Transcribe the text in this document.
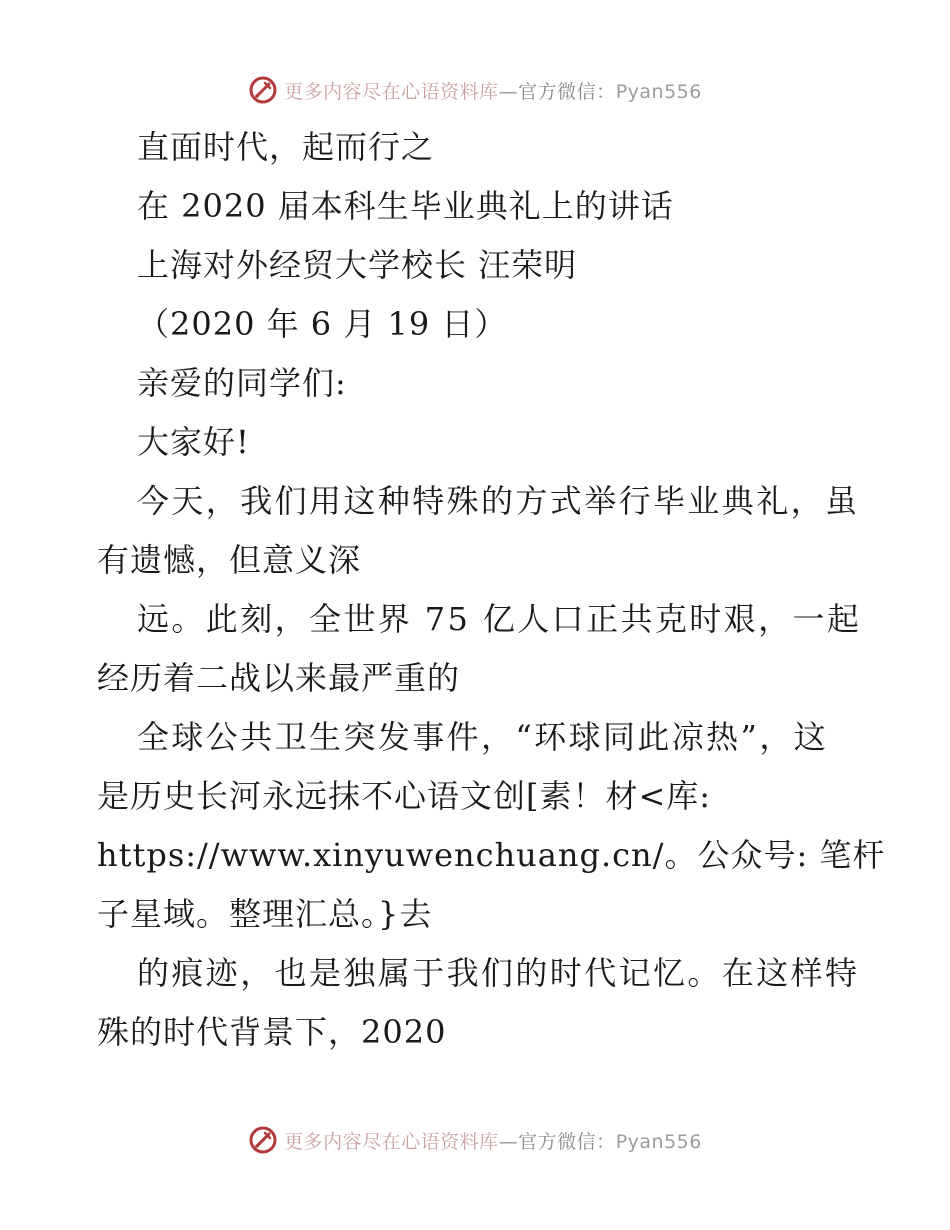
更多内容尽在心语资料库—官方微信：Pyan556
直面时代，起而行之
在 2020 届本科生毕业典礼上的讲话
上海对外经贸大学校长 汪荣明
（2020 年 6 月 19 日）
亲爱的同学们:
大家好!
今天，我们用这种特殊的方式举行毕业典礼，虽
有遗憾，但意义深
远。此刻，全世界 75 亿人口正共克时艰，一起
经历着二战以来最严重的
全球公共卫生突发事件，“环球同此凉热”，这
是历史长河永远抹不心语文创[素！材<库:
https://www.xinyuwenchuang.cn/。公众号: 笔杆
子星域。整理汇总。}去
的痕迹，也是独属于我们的时代记忆。在这样特
殊的时代背景下，2020
更多内容尽在心语资料库—官方微信：Pyan556
